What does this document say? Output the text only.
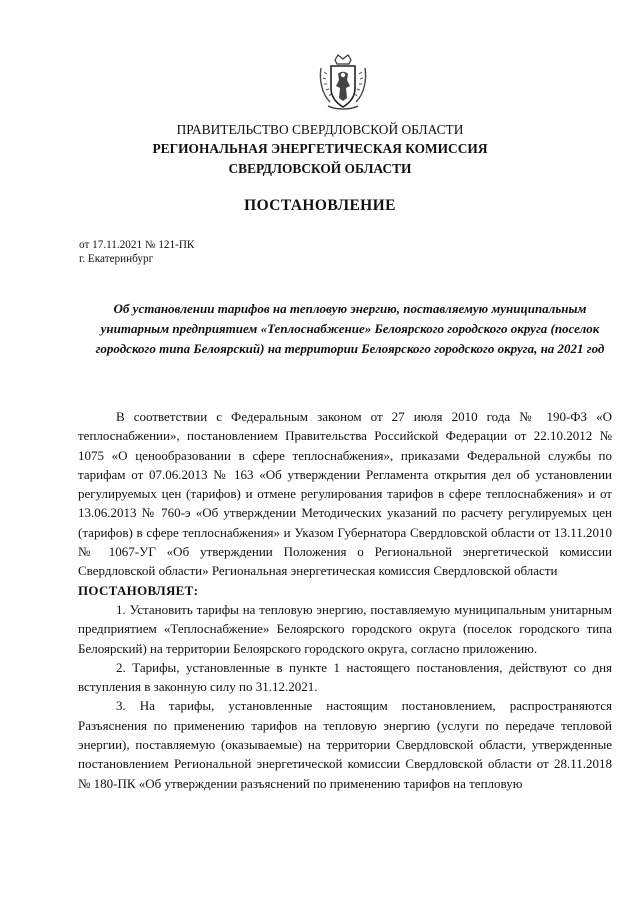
ПРАВИТЕЛЬСТВО СВЕРДЛОВСКОЙ ОБЛАСТИ
РЕГИОНАЛЬНАЯ ЭНЕРГЕТИЧЕСКАЯ КОМИССИЯ
СВЕРДЛОВСКОЙ ОБЛАСТИ
ПОСТАНОВЛЕНИЕ
от 17.11.2021 № 121-ПК
г. Екатеринбург
Об установлении тарифов на тепловую энергию, поставляемую муниципальным унитарным предприятием «Теплоснабжение» Белоярского городского округа (поселок городского типа Белоярский) на территории Белоярского городского округа, на 2021 год

В соответствии с Федеральным законом от 27 июля 2010 года № 190-ФЗ «О теплоснабжении», постановлением Правительства Российской Федерации от 22.10.2012 № 1075 «О ценообразовании в сфере теплоснабжения», приказами Федеральной службы по тарифам от 07.06.2013 № 163 «Об утверждении Регламента открытия дел об установлении регулируемых цен (тарифов) и отмене регулирования тарифов в сфере теплоснабжения» и от 13.06.2013 № 760-э «Об утверждении Методических указаний по расчету регулируемых цен (тарифов) в сфере теплоснабжения» и Указом Губернатора Свердловской области от 13.11.2010 № 1067-УГ «Об утверждении Положения о Региональной энергетической комиссии Свердловской области» Региональная энергетическая комиссия Свердловской области

ПОСТАНОВЛЯЕТ:

1. Установить тарифы на тепловую энергию, поставляемую муниципальным унитарным предприятием «Теплоснабжение» Белоярского городского округа (поселок городского типа Белоярский) на территории Белоярского городского округа, согласно приложению.

2. Тарифы, установленные в пункте 1 настоящего постановления, действуют со дня вступления в законную силу по 31.12.2021.

3. На тарифы, установленные настоящим постановлением, распространяются Разъяснения по применению тарифов на тепловую энергию (услуги по передаче тепловой энергии), поставляемую (оказываемые) на территории Свердловской области, утвержденные постановлением Региональной энергетической комиссии Свердловской области от 28.11.2018 № 180-ПК «Об утверждении разъяснений по применению тарифов на тепловую
